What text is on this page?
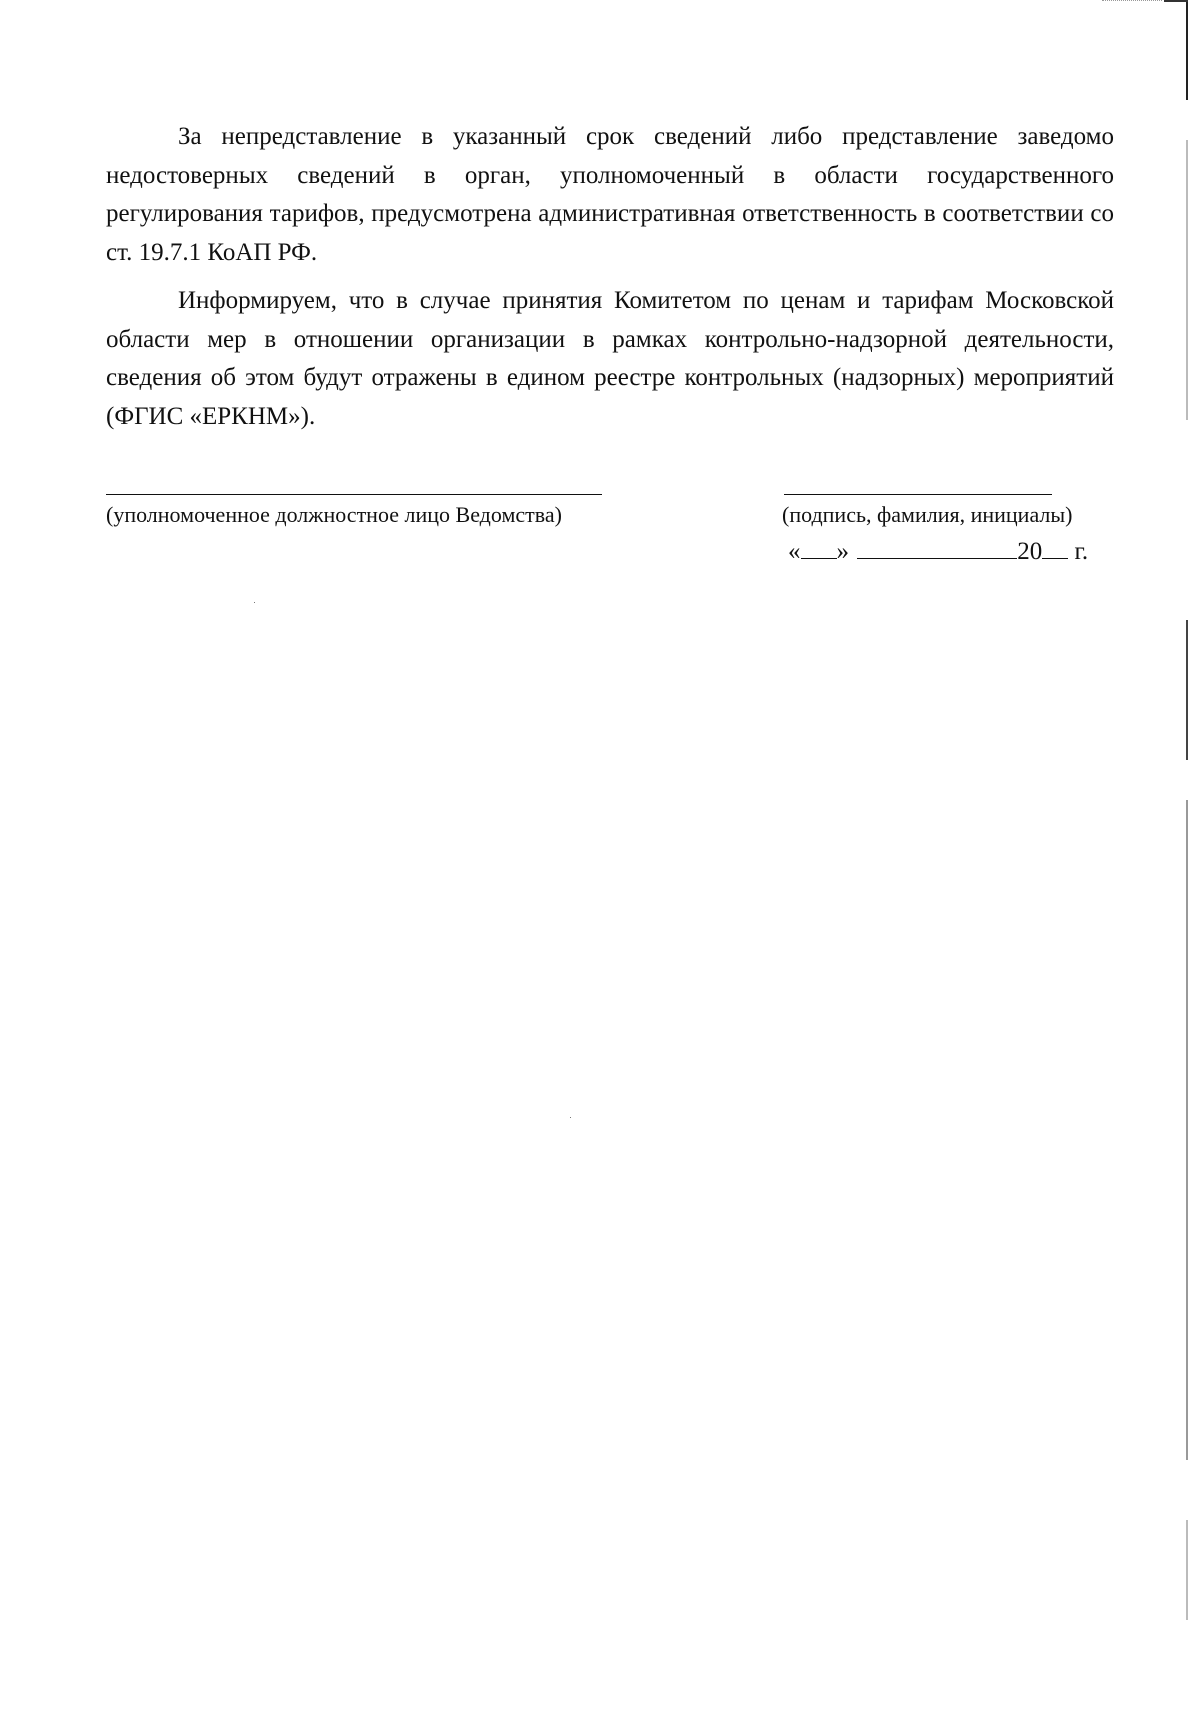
За непредставление в указанный срок сведений либо представление заведомо недостоверных сведений в орган, уполномоченный в области государственного регулирования тарифов, предусмотрена административная ответственность в соответствии со ст. 19.7.1 КоАП РФ.

Информируем, что в случае принятия Комитетом по ценам и тарифам Московской области мер в отношении организации в рамках контрольно-надзорной деятельности, сведения об этом будут отражены в едином реестре контрольных (надзорных) мероприятий (ФГИС «ЕРКНМ»).

(уполномоченное должностное лицо Ведомства)	(подпись, фамилия, инициалы)
« »	20 г.
